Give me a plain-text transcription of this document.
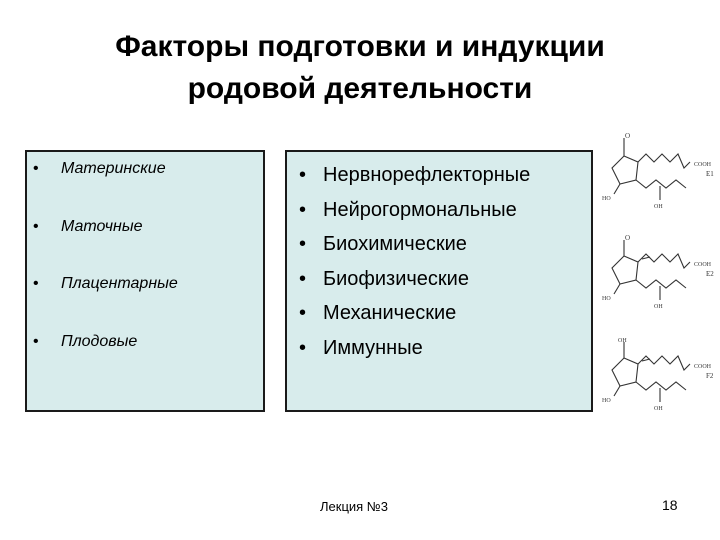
Факторы подготовки и индукции
родовой деятельности
• Материнские
• Маточные
• Плацентарные
• Плодовые
• Нервнорефлекторные
• Нейрогормональные
• Биохимические
• Биофизические
• Механические
• Иммунные
O
COOH
OH
HO
E1
O
COOH
OH
HO
E2
OH
COOH
OH
HO
F2
Лекция №3	18
